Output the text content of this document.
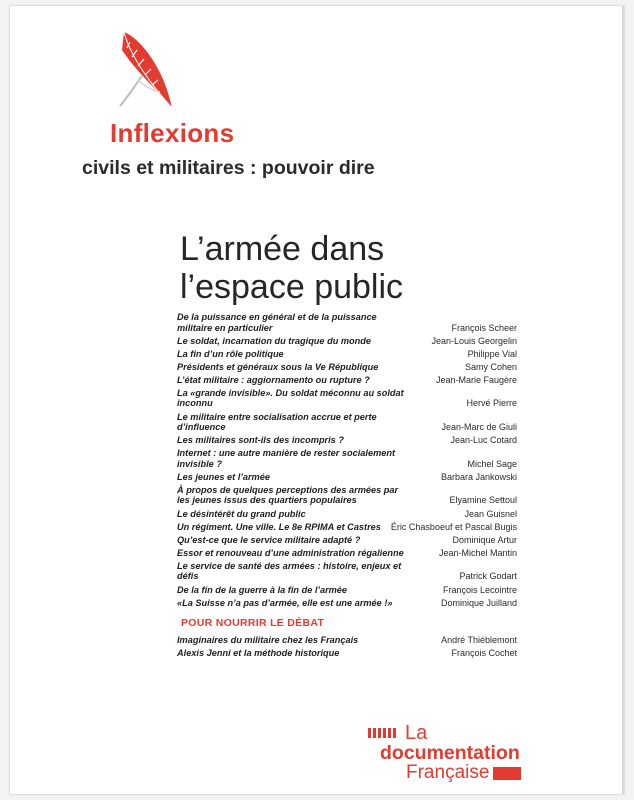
Inflexions
civils et militaires : pouvoir dire
L’armée dans
l’espace public
De la puissance en général et de la puissance militaire en particulier	François Scheer
Le soldat, incarnation du tragique du monde	Jean-Louis Georgelin
La fin d’un rôle politique	Philippe Vial
Présidents et généraux sous la Ve République	Samy Cohen
L’état militaire : aggiornamento ou rupture ?	Jean-Marie Faugère
La «grande invisible». Du soldat méconnu au soldat inconnu	Hervé Pierre
Le militaire entre socialisation accrue et perte d’influence	Jean-Marc de Giuli
Les militaires sont-ils des incompris ?	Jean-Luc Cotard
Internet : une autre manière de rester socialement invisible ?	Michel Sage
Les jeunes et l’armée	Barbara Jankowski
À propos de quelques perceptions des armées par les jeunes issus des quartiers populaires	Elyamine Settoul
Le désintérêt du grand public	Jean Guisnel
Un régiment. Une ville. Le 8e RPIMA et Castres	Éric Chasboeuf et Pascal Bugis
Qu’est-ce que le service militaire adapté ?	Dominique Artur
Essor et renouveau d’une administration régalienne	Jean-Michel Mantin
Le service de santé des armées : histoire, enjeux et défis	Patrick Godart
De la fin de la guerre à la fin de l’armée	François Lecointre
«La Suisse n’a pas d’armée, elle est une armée !»	Dominique Juilland
POUR NOURRIR LE DÉBAT
Imaginaires du militaire chez les Français	André Thiéblemont
Alexis Jenni et la méthode historique	François Cochet
La
documentation
Française
